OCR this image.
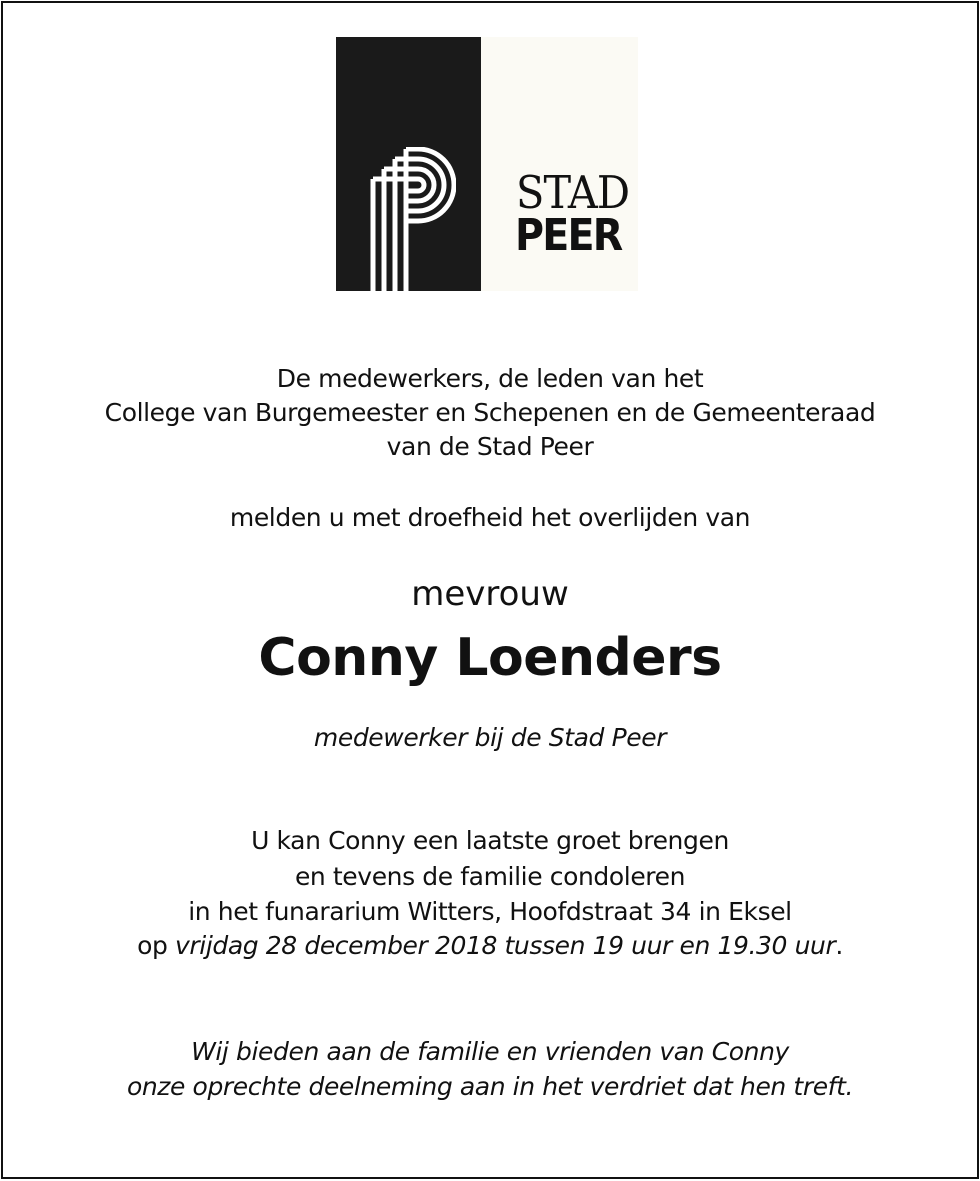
STAD
PEER
De medewerkers, de leden van het
College van Burgemeester en Schepenen en de Gemeenteraad
van de Stad Peer
melden u met droefheid het overlijden van
mevrouw
Conny Loenders
medewerker bij de Stad Peer
U kan Conny een laatste groet brengen
en tevens de familie condoleren
in het funararium Witters, Hoofdstraat 34 in Eksel
op vrijdag 28 december 2018 tussen 19 uur en 19.30 uur.
Wij bieden aan de familie en vrienden van Conny
onze oprechte deelneming aan in het verdriet dat hen treft.
